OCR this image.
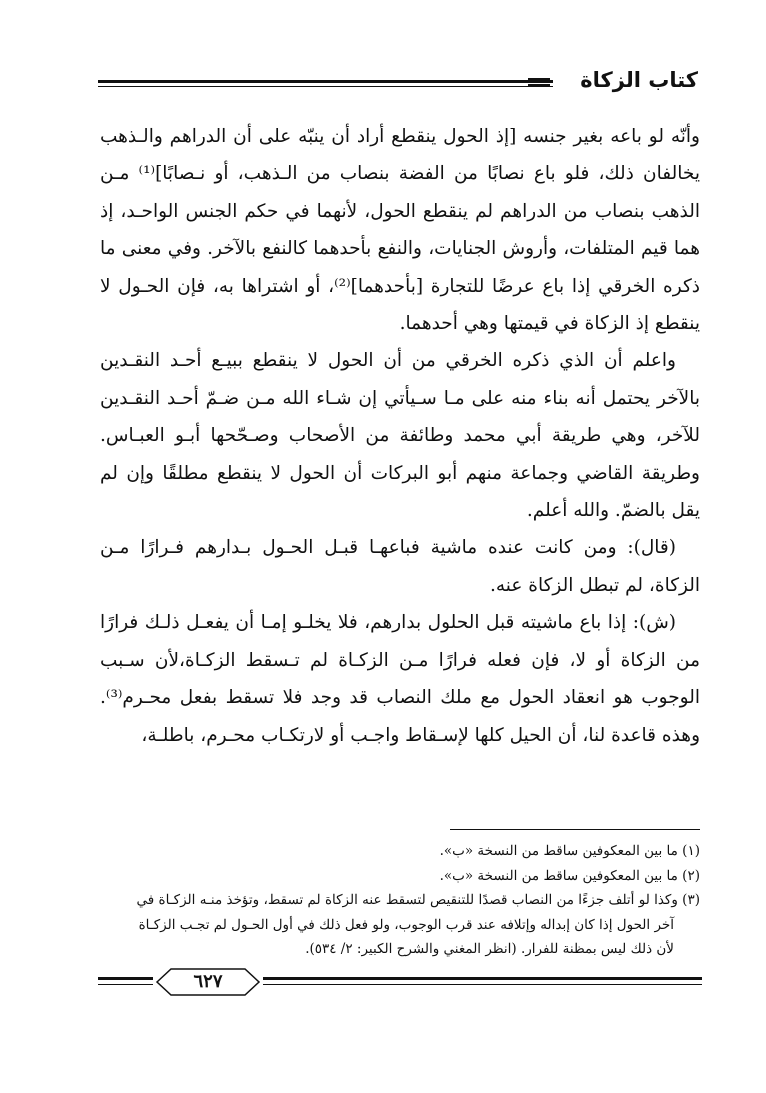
كتاب الزكاة

وأنّه لو باعه بغير جنسه [إذ الحول ينقطع أراد أن ينبّه على أن الدراهم والـذهب يخالفان ذلك، فلو باع نصابًا من الفضة بنصاب من الـذهب، أو نـصابًا]⁽¹⁾ مـن الذهب بنصاب من الدراهم لم ينقطع الحول، لأنهما في حكم الجنس الواحـد، إذ هما قيم المتلفات، وأروش الجنايات، والنفع بأحدهما كالنفع بالآخر. وفي معنى ما ذكره الخرقي إذا باع عرضًا للتجارة [بأحدهما]⁽²⁾، أو اشتراها به، فإن الحـول لا ينقطع إذ الزكاة في قيمتها وهي أحدهما.

واعلم أن الذي ذكره الخرقي من أن الحول لا ينقطع ببيـع أحـد النقـدين بالآخر يحتمل أنه بناء منه على مـا سـيأتي إن شـاء الله مـن ضـمّ أحـد النقـدين للآخر، وهي طريقة أبي محمد وطائفة من الأصحاب وصـحّحها أبـو العبـاس. وطريقة القاضي وجماعة منهم أبو البركات أن الحول لا ينقطع مطلقًا وإن لم يقل بالضمّ. والله أعلم.

(قال): ومن كانت عنده ماشية فباعهـا قبـل الحـول بـدارهم فـرارًا مـن الزكاة، لم تبطل الزكاة عنه.

(ش): إذا باع ماشيته قبل الحلول بدارهم، فلا يخلـو إمـا أن يفعـل ذلـك فرارًا من الزكاة أو لا، فإن فعله فرارًا مـن الزكـاة لم تـسقط الزكـاة،لأن سـبب الوجوب هو انعقاد الحول مع ملك النصاب قد وجد فلا تسقط بفعل محـرم⁽³⁾. وهذه قاعدة لنا، أن الحيل كلها لإسـقاط واجـب أو لارتكـاب محـرم، باطلـة،

(١) ما بين المعكوفين ساقط من النسخة «ب».

(٢) ما بين المعكوفين ساقط من النسخة «ب».

(٣) وكذا لو أتلف جزءًا من النصاب قصدًا للتنقيص لتسقط عنه الزكاة لم تسقط، وتؤخذ منـه الزكـاة في

آخر الحول إذا كان إبداله وإتلافه عند قرب الوجوب، ولو فعل ذلك في أول الحـول لم تجـب الزكـاة

لأن ذلك ليس بمظنة للفرار. (انظر المغني والشرح الكبير: ٢/ ٥٣٤).

٦٢٧
